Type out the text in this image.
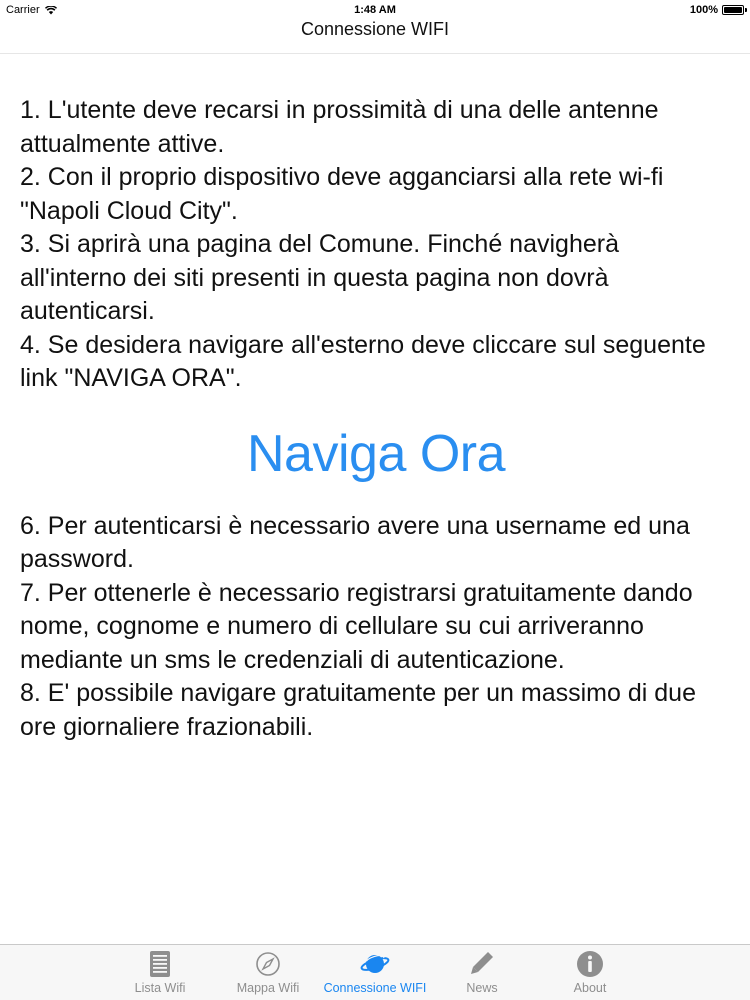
Carrier	1:48 AM	100%
Connessione WIFI

1. L'utente deve recarsi in prossimità di una delle antenne attualmente attive.
2. Con il proprio dispositivo deve agganciarsi alla rete wi-fi "Napoli Cloud City".
3. Si aprirà una pagina del Comune. Finché navigherà all'interno dei siti presenti in questa pagina non dovrà autenticarsi.
4. Se desidera navigare all'esterno deve cliccare sul seguente link "NAVIGA ORA".

Naviga Ora

6. Per autenticarsi è necessario avere una username ed una password.
7. Per ottenerle è necessario registrarsi gratuitamente dando nome, cognome e numero di cellulare su cui arriveranno mediante un sms le credenziali di autenticazione.
8. E' possibile navigare gratuitamente per un massimo di due ore giornaliere frazionabili.

Lista Wifi	Mappa Wifi	Connessione WIFI	News	About
